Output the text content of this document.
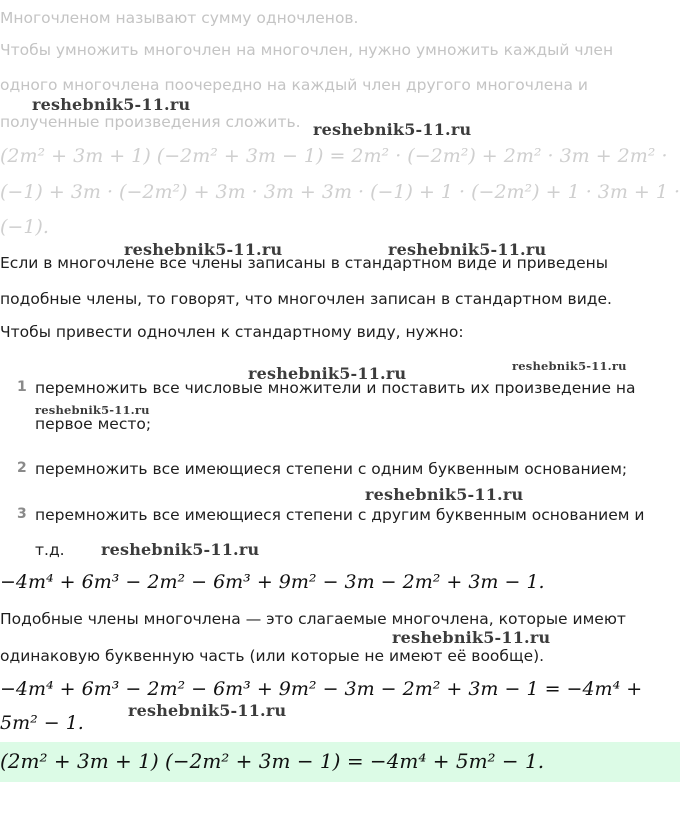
Многочленом называют сумму одночленов.
Чтобы умножить многочлен на многочлен, нужно умножить каждый член
одного многочлена поочередно на каждый член другого многочлена и
полученные произведения сложить.
(2m² + 3m + 1) (−2m² + 3m − 1) = 2m² · (−2m²) + 2m² · 3m + 2m² ·
(−1) + 3m · (−2m²) + 3m · 3m + 3m · (−1) + 1 · (−2m²) + 1 · 3m + 1 ·
(−1).
Если в многочлене все члены записаны в стандартном виде и приведены
подобные члены, то говорят, что многочлен записан в стандартном виде.
Чтобы привести одночлен к стандартному виду, нужно:
1 перемножить все числовые множители и поставить их произведение на
первое место;
2 перемножить все имеющиеся степени с одним буквенным основанием;
3 перемножить все имеющиеся степени с другим буквенным основанием и
т.д.
−4m⁴ + 6m³ − 2m² − 6m³ + 9m² − 3m − 2m² + 3m − 1.
Подобные члены многочлена — это слагаемые многочлена, которые имеют
одинаковую буквенную часть (или которые не имеют её вообще).
−4m⁴ + 6m³ − 2m² − 6m³ + 9m² − 3m − 2m² + 3m − 1 = −4m⁴ +
5m² − 1.
(2m² + 3m + 1) (−2m² + 3m − 1) = −4m⁴ + 5m² − 1.
reshebnik5-11.ru
reshebnik5-11.ru
reshebnik5-11.ru	reshebnik5-11.ru
reshebnik5-11.ru	reshebnik5-11.ru
reshebnik5-11.ru
reshebnik5-11.ru
reshebnik5-11.ru
reshebnik5-11.ru
reshebnik5-11.ru
